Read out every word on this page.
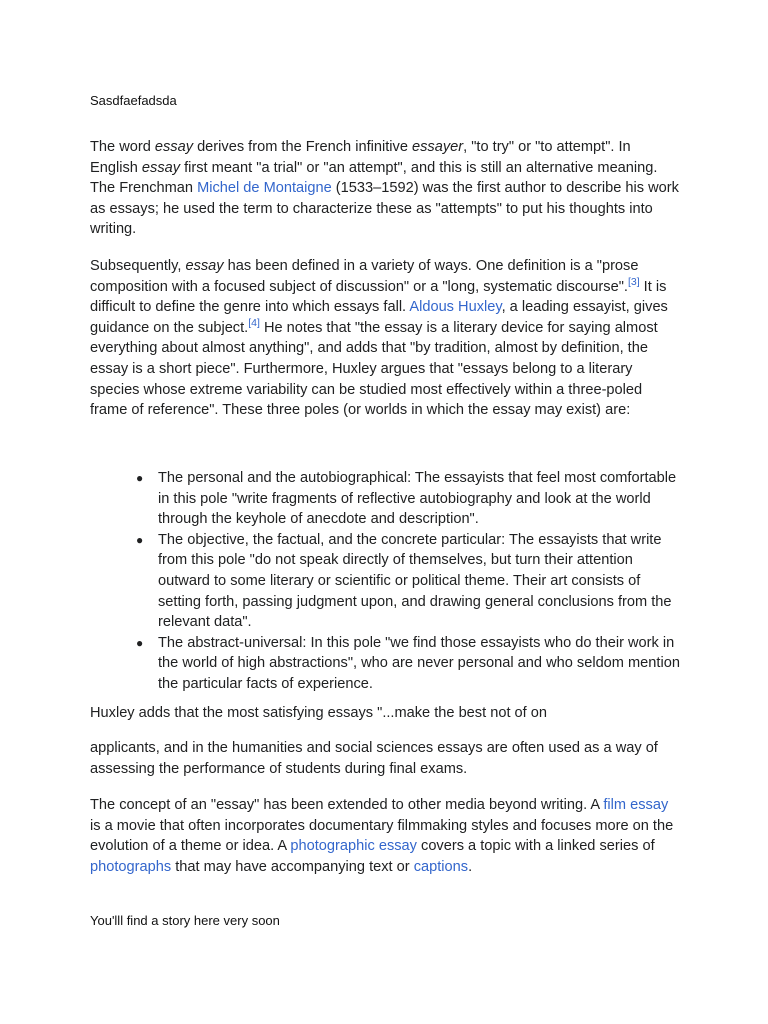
Sasdfaefadsda

The word essay derives from the French infinitive essayer, "to try" or "to attempt". In English essay first meant "a trial" or "an attempt", and this is still an alternative meaning. The Frenchman Michel de Montaigne (1533–1592) was the first author to describe his work as essays; he used the term to characterize these as "attempts" to put his thoughts into writing.

Subsequently, essay has been defined in a variety of ways. One definition is a "prose composition with a focused subject of discussion" or a "long, systematic discourse".[3] It is difficult to define the genre into which essays fall. Aldous Huxley, a leading essayist, gives guidance on the subject.[4] He notes that "the essay is a literary device for saying almost everything about almost anything", and adds that "by tradition, almost by definition, the essay is a short piece". Furthermore, Huxley argues that "essays belong to a literary species whose extreme variability can be studied most effectively within a three-poled frame of reference". These three poles (or worlds in which the essay may exist) are:

● The personal and the autobiographical: The essayists that feel most comfortable in this pole "write fragments of reflective autobiography and look at the world through the keyhole of anecdote and description".
● The objective, the factual, and the concrete particular: The essayists that write from this pole "do not speak directly of themselves, but turn their attention outward to some literary or scientific or political theme. Their art consists of setting forth, passing judgment upon, and drawing general conclusions from the relevant data".
● The abstract-universal: In this pole "we find those essayists who do their work in the world of high abstractions", who are never personal and who seldom mention the particular facts of experience.

Huxley adds that the most satisfying essays "...make the best not of on

applicants, and in the humanities and social sciences essays are often used as a way of assessing the performance of students during final exams.

The concept of an "essay" has been extended to other media beyond writing. A film essay is a movie that often incorporates documentary filmmaking styles and focuses more on the evolution of a theme or idea. A photographic essay covers a topic with a linked series of photographs that may have accompanying text or captions.

You'lll find a story here very soon
